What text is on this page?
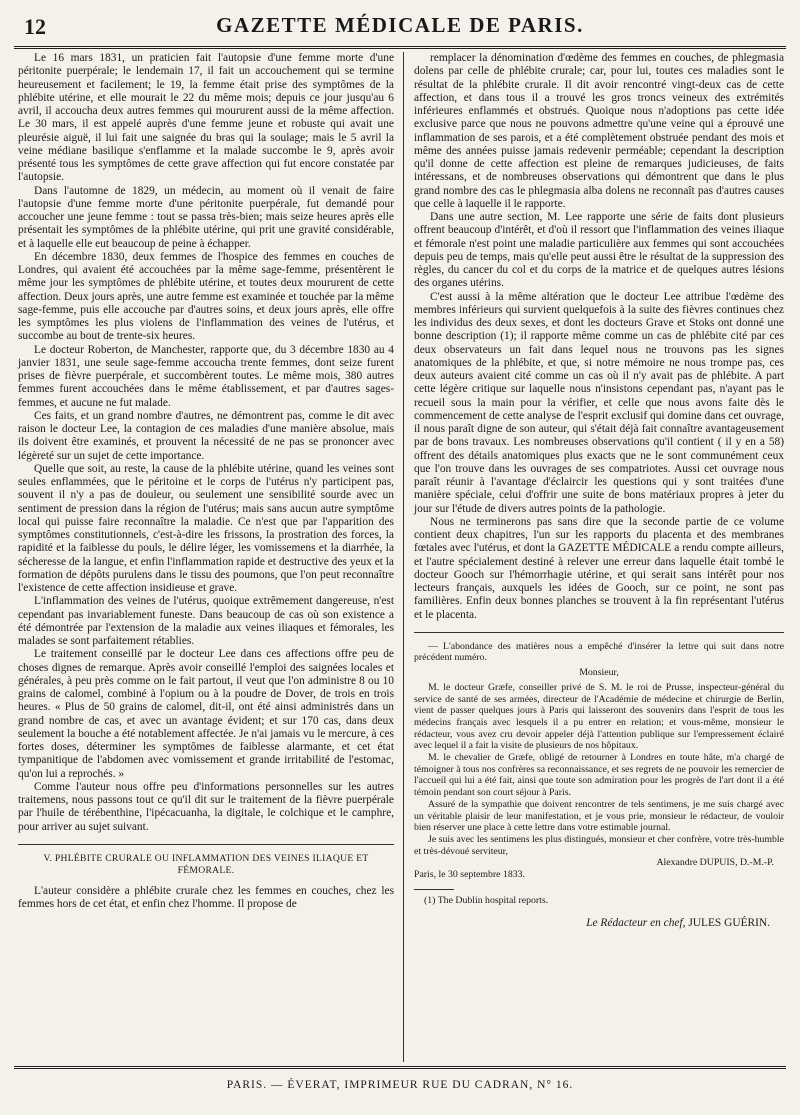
12	GAZETTE MÉDICALE DE PARIS.

Le 16 mars 1831, un praticien fait l'autopsie d'une femme morte d'une péritonite puerpérale; le lendemain 17, il fait un accouchement qui se termine heureusement et facilement; le 19, la femme était prise des symptômes de la phlébite utérine, et elle mourait le 22 du même mois; depuis ce jour jusqu'au 6 avril, il accoucha deux autres femmes qui moururent aussi de la même affection. Le 30 mars, il est appelé auprès d'une femme jeune et robuste qui avait une pleurésie aiguë, il lui fait une saignée du bras qui la soulage; mais le 5 avril la veine médiane basilique s'enflamme et la malade succombe le 9, après avoir présenté tous les symptômes de cette grave affection qui fut encore constatée par l'autopsie.

Dans l'automne de 1829, un médecin, au moment où il venait de faire l'autopsie d'une femme morte d'une péritonite puerpérale, fut demandé pour accoucher une jeune femme : tout se passa très-bien; mais seize heures après elle présentait les symptômes de la phlébite utérine, qui prit une gravité considérable, et à laquelle elle eut beaucoup de peine à échapper.

En décembre 1830, deux femmes de l'hospice des femmes en couches de Londres, qui avaient été accouchées par la même sage-femme, présentèrent le même jour les symptômes de phlébite utérine, et toutes deux moururent de cette affection. Deux jours après, une autre femme est examinée et touchée par la même sage-femme, puis elle accouche par d'autres soins, et deux jours après, elle offre les symptômes les plus violens de l'inflammation des veines de l'utérus, et succombe au bout de trente-six heures.

Le docteur Roberton, de Manchester, rapporte que, du 3 décembre 1830 au 4 janvier 1831, une seule sage-femme accoucha trente femmes, dont seize furent prises de fièvre puerpérale, et succombèrent toutes. Le même mois, 380 autres femmes furent accouchées dans le même établissement, et par d'autres sages-femmes, et aucune ne fut malade.

Ces faits, et un grand nombre d'autres, ne démontrent pas, comme le dit avec raison le docteur Lee, la contagion de ces maladies d'une manière absolue, mais ils doivent être examinés, et prouvent la nécessité de ne pas se prononcer avec légèreté sur un sujet de cette importance.

Quelle que soit, au reste, la cause de la phlébite utérine, quand les veines sont seules enflammées, que le péritoine et le corps de l'utérus n'y participent pas, souvent il n'y a pas de douleur, ou seulement une sensibilité sourde avec un sentiment de pression dans la région de l'utérus; mais sans aucun autre symptôme local qui puisse faire reconnaître la maladie. Ce n'est que par l'apparition des symptômes constitutionnels, c'est-à-dire les frissons, la prostration des forces, la rapidité et la faiblesse du pouls, le délire léger, les vomissemens et la diarrhée, la sécheresse de la langue, et enfin l'inflammation rapide et destructive des yeux et la formation de dépôts purulens dans le tissu des poumons, que l'on peut reconnaître l'existence de cette affection insidieuse et grave.

L'inflammation des veines de l'utérus, quoique extrêmement dangereuse, n'est cependant pas invariablement funeste. Dans beaucoup de cas où son existence a été démontrée par l'extension de la maladie aux veines iliaques et fémorales, les malades se sont parfaitement rétablies.

Le traitement conseillé par le docteur Lee dans ces affections offre peu de choses dignes de remarque. Après avoir conseillé l'emploi des saignées locales et générales, à peu près comme on le fait partout, il veut que l'on administre 8 ou 10 grains de calomel, combiné à l'opium ou à la poudre de Dover, de trois en trois heures. « Plus de 50 grains de calomel, dit-il, ont été ainsi administrés dans un grand nombre de cas, et avec un avantage évident; et sur 170 cas, dans deux seulement la bouche a été notablement affectée. Je n'ai jamais vu le mercure, à ces fortes doses, déterminer les symptômes de faiblesse alarmante, et cet état tympanitique de l'abdomen avec vomissement et grande irritabilité de l'estomac, qu'on lui a reprochés. »

Comme l'auteur nous offre peu d'informations personnelles sur les autres traitemens, nous passons tout ce qu'il dit sur le traitement de la fièvre puerpérale par l'huile de térébenthine, l'ipécacuanha, la digitale, le colchique et le camphre, pour arriver au sujet suivant.

V. PHLÉBITE CRURALE OU INFLAMMATION DES VEINES ILIAQUE ET FÉMORALE.

L'auteur considère a phlébite crurale chez les femmes en couches, chez les femmes hors de cet état, et enfin chez l'homme. Il propose de

remplacer la dénomination d'œdème des femmes en couches, de phlegmasia dolens par celle de phlébite crurale; car, pour lui, toutes ces maladies sont le résultat de la phlébite crurale. Il dit avoir rencontré vingt-deux cas de cette affection, et dans tous il a trouvé les gros troncs veineux des extrémités inférieures enflammés et obstrués. Quoique nous n'adoptions pas cette idée exclusive parce que nous ne pouvons admettre qu'une veine qui a éprouvé une inflammation de ses parois, et a été complètement obstruée pendant des mois et même des années puisse jamais redevenir perméable; cependant la description qu'il donne de cette affection est pleine de remarques judicieuses, de faits intéressans, et de nombreuses observations qui démontrent que dans le plus grand nombre des cas le phlegmasia alba dolens ne reconnaît pas d'autres causes que celle à laquelle il le rapporte.

Dans une autre section, M. Lee rapporte une série de faits dont plusieurs offrent beaucoup d'intérêt, et d'où il ressort que l'inflammation des veines iliaque et fémorale n'est point une maladie particulière aux femmes qui sont accouchées depuis peu de temps, mais qu'elle peut aussi être le résultat de la suppression des règles, du cancer du col et du corps de la matrice et de quelques autres lésions des organes utérins.

C'est aussi à la même altération que le docteur Lee attribue l'œdème des membres inférieurs qui survient quelquefois à la suite des fièvres continues chez les individus des deux sexes, et dont les docteurs Grave et Stoks ont donné une bonne description (1); il rapporte même comme un cas de phlébite cité par ces deux observateurs un fait dans lequel nous ne trouvons pas les signes anatomiques de la phlébite, et que, si notre mémoire ne nous trompe pas, ces deux auteurs avaient cité comme un cas où il n'y avait pas de phlébite. A part cette légère critique sur laquelle nous n'insistons cependant pas, n'ayant pas le recueil sous la main pour la vérifier, et celle que nous avons faite dès le commencement de cette analyse de l'esprit exclusif qui domine dans cet ouvrage, il nous paraît digne de son auteur, qui s'était déjà fait connaître avantageusement par de bons travaux. Les nombreuses observations qu'il contient ( il y en a 58) offrent des détails anatomiques plus exacts que ne le sont communément ceux que l'on trouve dans les ouvrages de ses compatriotes. Aussi cet ouvrage nous paraît réunir à l'avantage d'éclaircir les questions qui y sont traitées d'une manière spéciale, celui d'offrir une suite de bons matériaux propres à jeter du jour sur l'étude de divers autres points de la pathologie.

Nous ne terminerons pas sans dire que la seconde partie de ce volume contient deux chapitres, l'un sur les rapports du placenta et des membranes fœtales avec l'utérus, et dont la GAZETTE MÉDICALE a rendu compte ailleurs, et l'autre spécialement destiné à relever une erreur dans laquelle était tombé le docteur Gooch sur l'hémorrhagie utérine, et qui serait sans intérêt pour nos lecteurs français, auxquels les idées de Gooch, sur ce point, ne sont pas familières. Enfin deux bonnes planches se trouvent à la fin représentant l'utérus et le placenta.

— L'abondance des matières nous a empêché d'insérer la lettre qui suit dans notre précédent numéro.

Monsieur,

M. le docteur Græfe, conseiller privé de S. M. le roi de Prusse, inspecteur-général du service de santé de ses armées, directeur de l'Académie de médecine et chirurgie de Berlin, vient de passer quelques jours à Paris qui laisseront des souvenirs dans l'esprit de tous les médecins français avec lesquels il a pu entrer en relation; et vous-même, monsieur le rédacteur, vous avez cru devoir appeler déjà l'attention publique sur l'empressement éclairé avec lequel il a fait la visite de plusieurs de nos hôpitaux.

M. le chevalier de Græfe, obligé de retourner à Londres en toute hâte, m'a chargé de témoigner à tous nos confrères sa reconnaissance, et ses regrets de ne pouvoir les remercier de l'accueil qui lui a été fait, ainsi que toute son admiration pour les progrès de l'art dont il a été témoin pendant son court séjour à Paris.

Assuré de la sympathie que doivent rencontrer de tels sentimens, je me suis chargé avec un véritable plaisir de leur manifestation, et je vous prie, monsieur le rédacteur, de vouloir bien réserver une place à cette lettre dans votre estimable journal.

Je suis avec les sentimens les plus distingués, monsieur et cher confrère, votre très-humble et très-dévoué serviteur,

Alexandre DUPUIS, D.-M.-P.

Paris, le 30 septembre 1833.

(1) The Dublin hospital reports.

Le Rédacteur en chef, JULES GUÉRIN.

PARIS. — ÉVERAT, IMPRIMEUR RUE DU CADRAN, N° 16.
